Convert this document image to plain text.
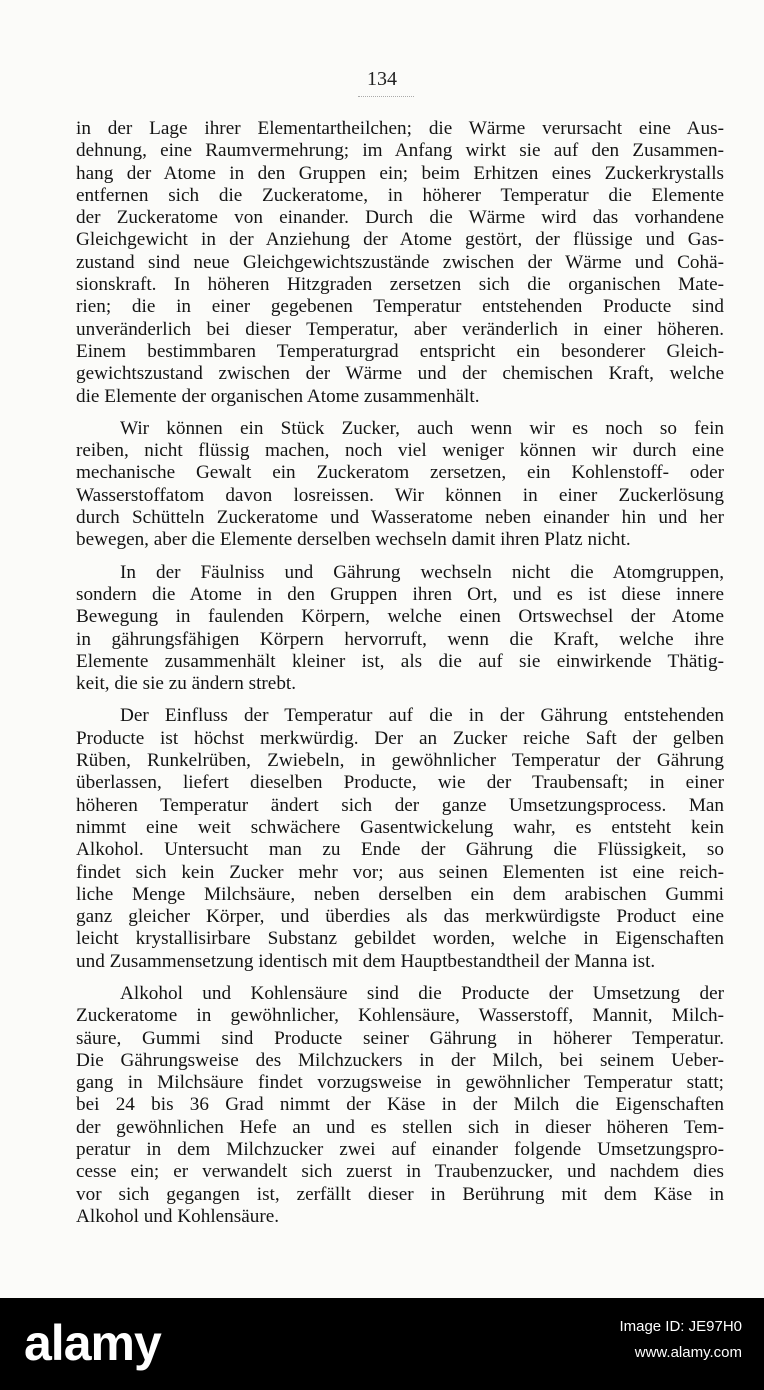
134
in der Lage ihrer Elementartheilchen; die Wärme verursacht eine Aus-
dehnung, eine Raumvermehrung; im Anfang wirkt sie auf den Zusammen-
hang der Atome in den Gruppen ein; beim Erhitzen eines Zuckerkrystalls
entfernen sich die Zuckeratome, in höherer Temperatur die Elemente
der Zuckeratome von einander. Durch die Wärme wird das vorhandene
Gleichgewicht in der Anziehung der Atome gestört, der flüssige und Gas-
zustand sind neue Gleichgewichtszustände zwischen der Wärme und Cohä-
sionskraft. In höheren Hitzgraden zersetzen sich die organischen Mate-
rien; die in einer gegebenen Temperatur entstehenden Producte sind
unveränderlich bei dieser Temperatur, aber veränderlich in einer höheren.
Einem bestimmbaren Temperaturgrad entspricht ein besonderer Gleich-
gewichtszustand zwischen der Wärme und der chemischen Kraft, welche
die Elemente der organischen Atome zusammenhält.
Wir können ein Stück Zucker, auch wenn wir es noch so fein
reiben, nicht flüssig machen, noch viel weniger können wir durch eine
mechanische Gewalt ein Zuckeratom zersetzen, ein Kohlenstoff- oder
Wasserstoffatom davon losreissen. Wir können in einer Zuckerlösung
durch Schütteln Zuckeratome und Wasseratome neben einander hin und her
bewegen, aber die Elemente derselben wechseln damit ihren Platz nicht.
In der Fäulniss und Gährung wechseln nicht die Atomgruppen,
sondern die Atome in den Gruppen ihren Ort, und es ist diese innere
Bewegung in faulenden Körpern, welche einen Ortswechsel der Atome
in gährungsfähigen Körpern hervorruft, wenn die Kraft, welche ihre
Elemente zusammenhält kleiner ist, als die auf sie einwirkende Thätig-
keit, die sie zu ändern strebt.
Der Einfluss der Temperatur auf die in der Gährung entstehenden
Producte ist höchst merkwürdig. Der an Zucker reiche Saft der gelben
Rüben, Runkelrüben, Zwiebeln, in gewöhnlicher Temperatur der Gährung
überlassen, liefert dieselben Producte, wie der Traubensaft; in einer
höheren Temperatur ändert sich der ganze Umsetzungsprocess. Man
nimmt eine weit schwächere Gasentwickelung wahr, es entsteht kein
Alkohol. Untersucht man zu Ende der Gährung die Flüssigkeit, so
findet sich kein Zucker mehr vor; aus seinen Elementen ist eine reich-
liche Menge Milchsäure, neben derselben ein dem arabischen Gummi
ganz gleicher Körper, und überdies als das merkwürdigste Product eine
leicht krystallisirbare Substanz gebildet worden, welche in Eigenschaften
und Zusammensetzung identisch mit dem Hauptbestandtheil der Manna ist.
Alkohol und Kohlensäure sind die Producte der Umsetzung der
Zuckeratome in gewöhnlicher, Kohlensäure, Wasserstoff, Mannit, Milch-
säure, Gummi sind Producte seiner Gährung in höherer Temperatur.
Die Gährungsweise des Milchzuckers in der Milch, bei seinem Ueber-
gang in Milchsäure findet vorzugsweise in gewöhnlicher Temperatur statt;
bei 24 bis 36 Grad nimmt der Käse in der Milch die Eigenschaften
der gewöhnlichen Hefe an und es stellen sich in dieser höheren Tem-
peratur in dem Milchzucker zwei auf einander folgende Umsetzungspro-
cesse ein; er verwandelt sich zuerst in Traubenzucker, und nachdem dies
vor sich gegangen ist, zerfällt dieser in Berührung mit dem Käse in
Alkohol und Kohlensäure.
alamy	Image ID: JE97H0
www.alamy.com
